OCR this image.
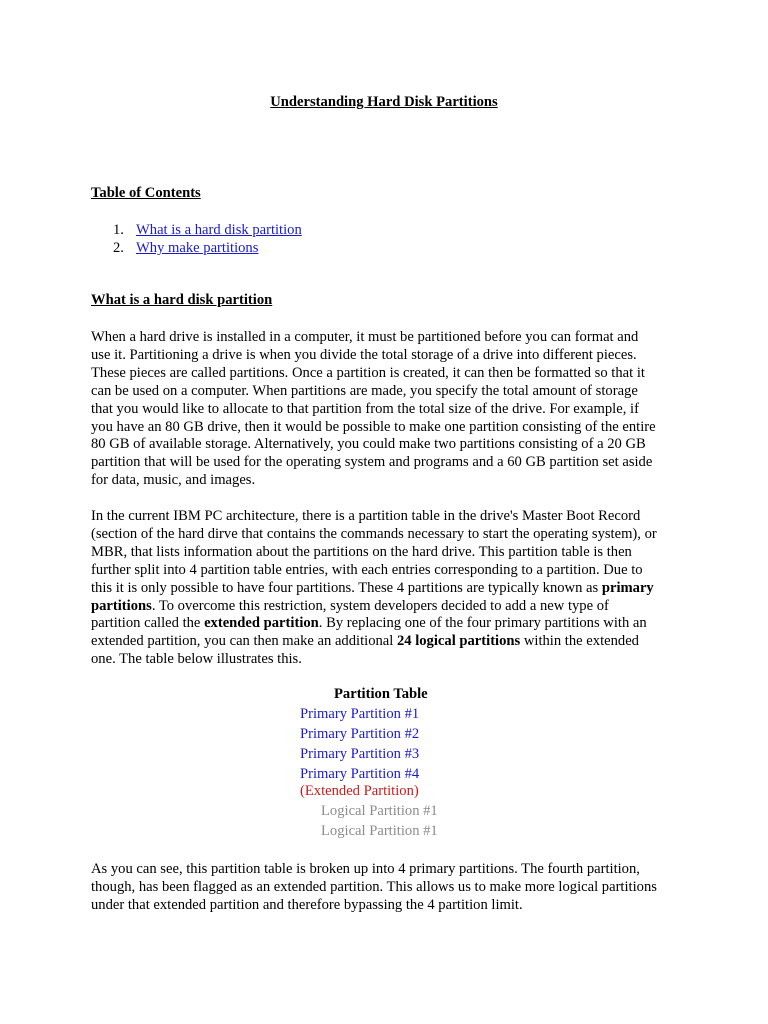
Understanding Hard Disk Partitions
Table of Contents
1. What is a hard disk partition
2. Why make partitions
What is a hard disk partition

When a hard drive is installed in a computer, it must be partitioned before you can format and
use it. Partitioning a drive is when you divide the total storage of a drive into different pieces.
These pieces are called partitions. Once a partition is created, it can then be formatted so that it
can be used on a computer. When partitions are made, you specify the total amount of storage
that you would like to allocate to that partition from the total size of the drive. For example, if
you have an 80 GB drive, then it would be possible to make one partition consisting of the entire
80 GB of available storage. Alternatively, you could make two partitions consisting of a 20 GB
partition that will be used for the operating system and programs and a 60 GB partition set aside
for data, music, and images.

In the current IBM PC architecture, there is a partition table in the drive's Master Boot Record
(section of the hard dirve that contains the commands necessary to start the operating system), or
MBR, that lists information about the partitions on the hard drive. This partition table is then
further split into 4 partition table entries, with each entries corresponding to a partition. Due to
this it is only possible to have four partitions. These 4 partitions are typically known as primary
partitions. To overcome this restriction, system developers decided to add a new type of
partition called the extended partition. By replacing one of the four primary partitions with an
extended partition, you can then make an additional 24 logical partitions within the extended
one. The table below illustrates this.

Partition Table
Primary Partition #1
Primary Partition #2
Primary Partition #3
Primary Partition #4
(Extended Partition)
Logical Partition #1
Logical Partition #1

As you can see, this partition table is broken up into 4 primary partitions. The fourth partition,
though, has been flagged as an extended partition. This allows us to make more logical partitions
under that extended partition and therefore bypassing the 4 partition limit.
